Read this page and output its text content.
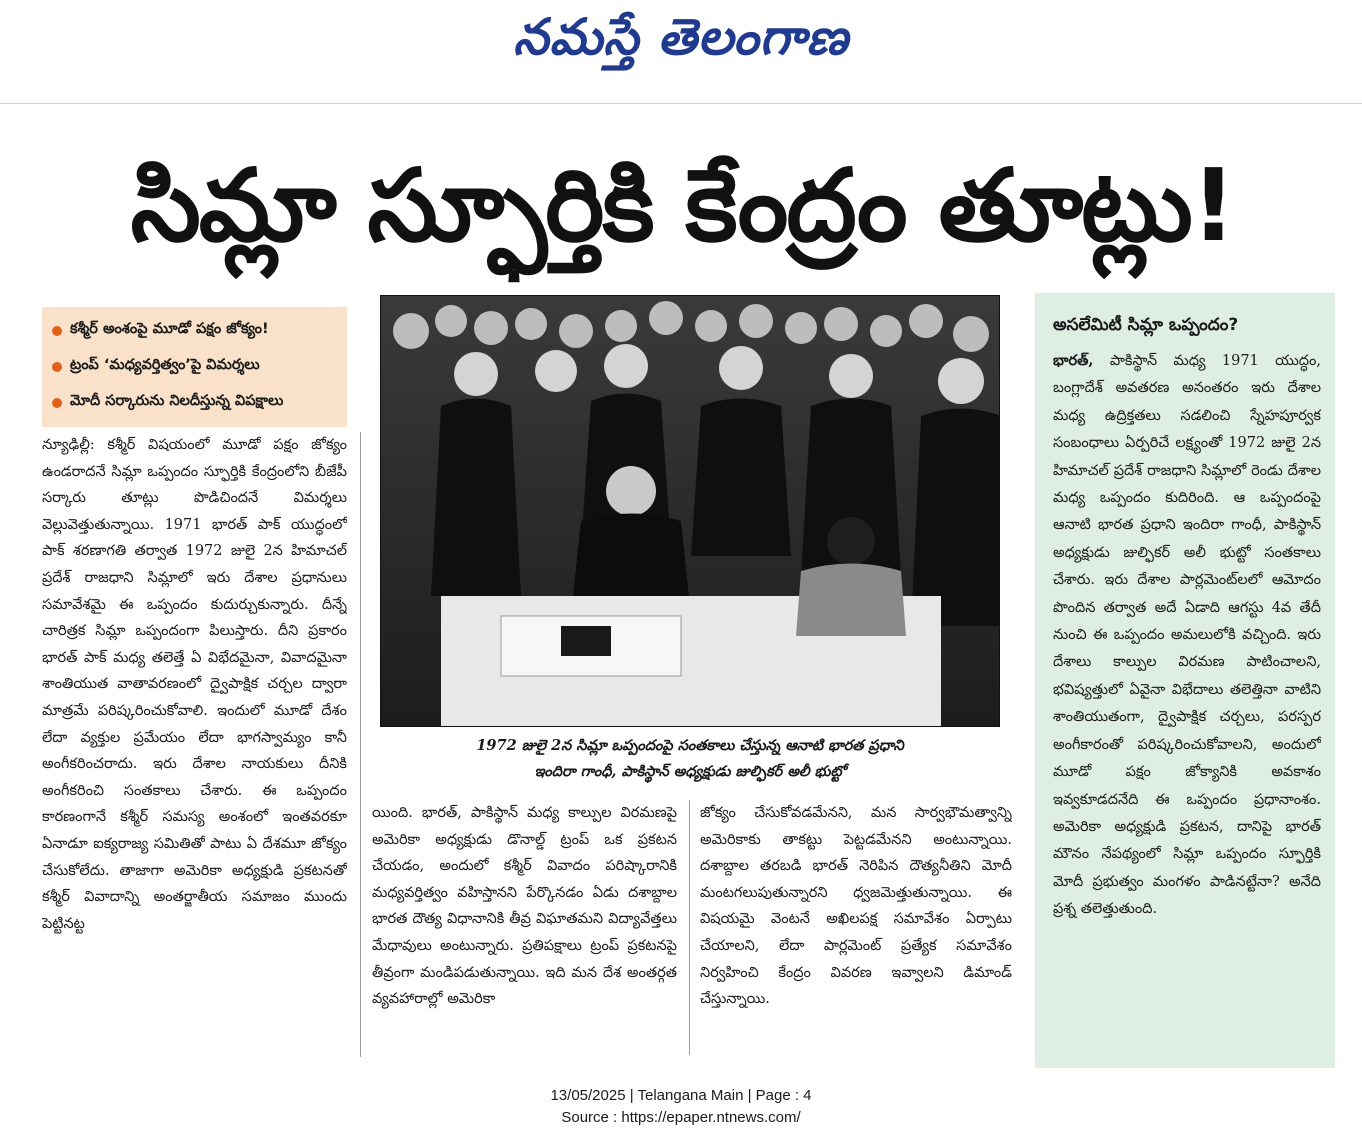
నమస్తే తెలంగాణ
సిమ్లా స్ఫూర్తికి కేంద్రం తూట్లు!
కశ్మీర్ అంశంపై మూడో పక్షం జోక్యం!
ట్రంప్ ‘మధ్యవర్తిత్వం’పై విమర్శలు
మోదీ సర్కారును నిలదీస్తున్న విపక్షాలు

న్యూఢిల్లీ: కశ్మీర్ విషయంలో మూడో పక్షం జోక్యం ఉండరాదనే సిమ్లా ఒప్పందం స్ఫూర్తికి కేంద్రంలోని బీజేపీ సర్కారు తూట్లు పొడిచిందనే విమర్శలు వెల్లువెత్తుతున్నాయి. 1971 భారత్ పాక్ యుద్ధంలో పాక్ శరణాగతి తర్వాత 1972 జులై 2న హిమాచల్ ప్రదేశ్ రాజధాని సిమ్లాలో ఇరు దేశాల ప్రధానులు సమావేశమై ఈ ఒప్పందం కుదుర్చుకున్నారు. దీన్నే చారిత్రక సిమ్లా ఒప్పందంగా పిలుస్తారు. దీని ప్రకారం భారత్ పాక్ మధ్య తలెత్తే ఏ విభేదమైనా, వివాదమైనా శాంతియుత వాతావరణంలో ద్వైపాక్షిక చర్చల ద్వారా మాత్రమే పరిష్కరించుకోవాలి. ఇందులో మూడో దేశం లేదా వ్యక్తుల ప్రమేయం లేదా భాగస్వామ్యం కానీ అంగీకరించరాదు. ఇరు దేశాల నాయకులు దీనికి అంగీకరించి సంతకాలు చేశారు. ఈ ఒప్పందం కారణంగానే కశ్మీర్ సమస్య అంశంలో ఇంతవరకూ ఏనాడూ ఐక్యరాజ్య సమితితో పాటు ఏ దేశమూ జోక్యం చేసుకోలేదు. తాజాగా అమెరికా అధ్యక్షుడి ప్రకటనతో కశ్మీర్ వివాదాన్ని అంతర్జాతీయ సమాజం ముందు పెట్టినట్ట

1972 జులై 2న సిమ్లా ఒప్పందంపై సంతకాలు చేస్తున్న ఆనాటి భారత ప్రధాని
ఇందిరా గాంధీ, పాకిస్థాన్ అధ్యక్షుడు జుల్ఫికర్ అలీ భుట్టో

యింది. భారత్, పాకిస్థాన్ మధ్య కాల్పుల విరమణపై అమెరికా అధ్యక్షుడు డొనాల్డ్ ట్రంప్ ఒక ప్రకటన చేయడం, అందులో కశ్మీర్ వివాదం పరిష్కారానికి మధ్యవర్తిత్వం వహిస్తానని పేర్కొనడం ఏడు దశాబ్దాల భారత దౌత్య విధానానికి తీవ్ర విఘాతమని విద్యావేత్తలు మేధావులు అంటున్నారు. ప్రతిపక్షాలు ట్రంప్ ప్రకటనపై తీవ్రంగా మండిపడుతున్నాయి. ఇది మన దేశ అంతర్గత వ్యవహారాల్లో అమెరికా

జోక్యం చేసుకోవడమేనని, మన సార్వభౌమత్వాన్ని అమెరికాకు తాకట్టు పెట్టడమేనని అంటున్నాయి. దశాబ్దాల తరబడి భారత్ నెరిపిన దౌత్యనీతిని మోదీ మంటగలుపుతున్నారని ధ్వజమెత్తుతున్నాయి. ఈ విషయమై వెంటనే అఖిలపక్ష సమావేశం ఏర్పాటు చేయాలని, లేదా పార్లమెంట్ ప్రత్యేక సమావేశం నిర్వహించి కేంద్రం వివరణ ఇవ్వాలని డిమాండ్ చేస్తున్నాయి.

అసలేమిటీ సిమ్లా ఒప్పందం?
భారత్, పాకిస్థాన్ మధ్య 1971 యుద్ధం, బంగ్లాదేశ్ అవతరణ అనంతరం ఇరు దేశాల మధ్య ఉద్రిక్తతలు సడలించి స్నేహపూర్వక సంబంధాలు ఏర్పరిచే లక్ష్యంతో 1972 జులై 2న హిమాచల్ ప్రదేశ్ రాజధాని సిమ్లాలో రెండు దేశాల మధ్య ఒప్పందం కుదిరింది. ఆ ఒప్పందంపై ఆనాటి భారత ప్రధాని ఇందిరా గాంధీ, పాకిస్థాన్ అధ్యక్షుడు జుల్ఫికర్ అలీ భుట్టో సంతకాలు చేశారు. ఇరు దేశాల పార్లమెంట్‌లలో ఆమోదం పొందిన తర్వాత అదే ఏడాది ఆగస్టు 4వ తేదీ నుంచి ఈ ఒప్పందం అమలులోకి వచ్చింది. ఇరు దేశాలు కాల్పుల విరమణ పాటించాలని, భవిష్యత్తులో ఏవైనా విభేదాలు తలెత్తినా వాటిని శాంతియుతంగా, ద్వైపాక్షిక చర్చలు, పరస్పర అంగీకారంతో పరిష్కరించుకోవాలని, అందులో మూడో పక్షం జోక్యానికి అవకాశం ఇవ్వకూడదనేది ఈ ఒప్పందం ప్రధానాంశం. అమెరికా అధ్యక్షుడి ప్రకటన, దానిపై భారత్ మౌనం నేపథ్యంలో సిమ్లా ఒప్పందం స్ఫూర్తికి మోదీ ప్రభుత్వం మంగళం పాడినట్టేనా? అనేది ప్రశ్న తలెత్తుతుంది.
13/05/2025 | Telangana Main | Page : 4
Source : https://epaper.ntnews.com/
